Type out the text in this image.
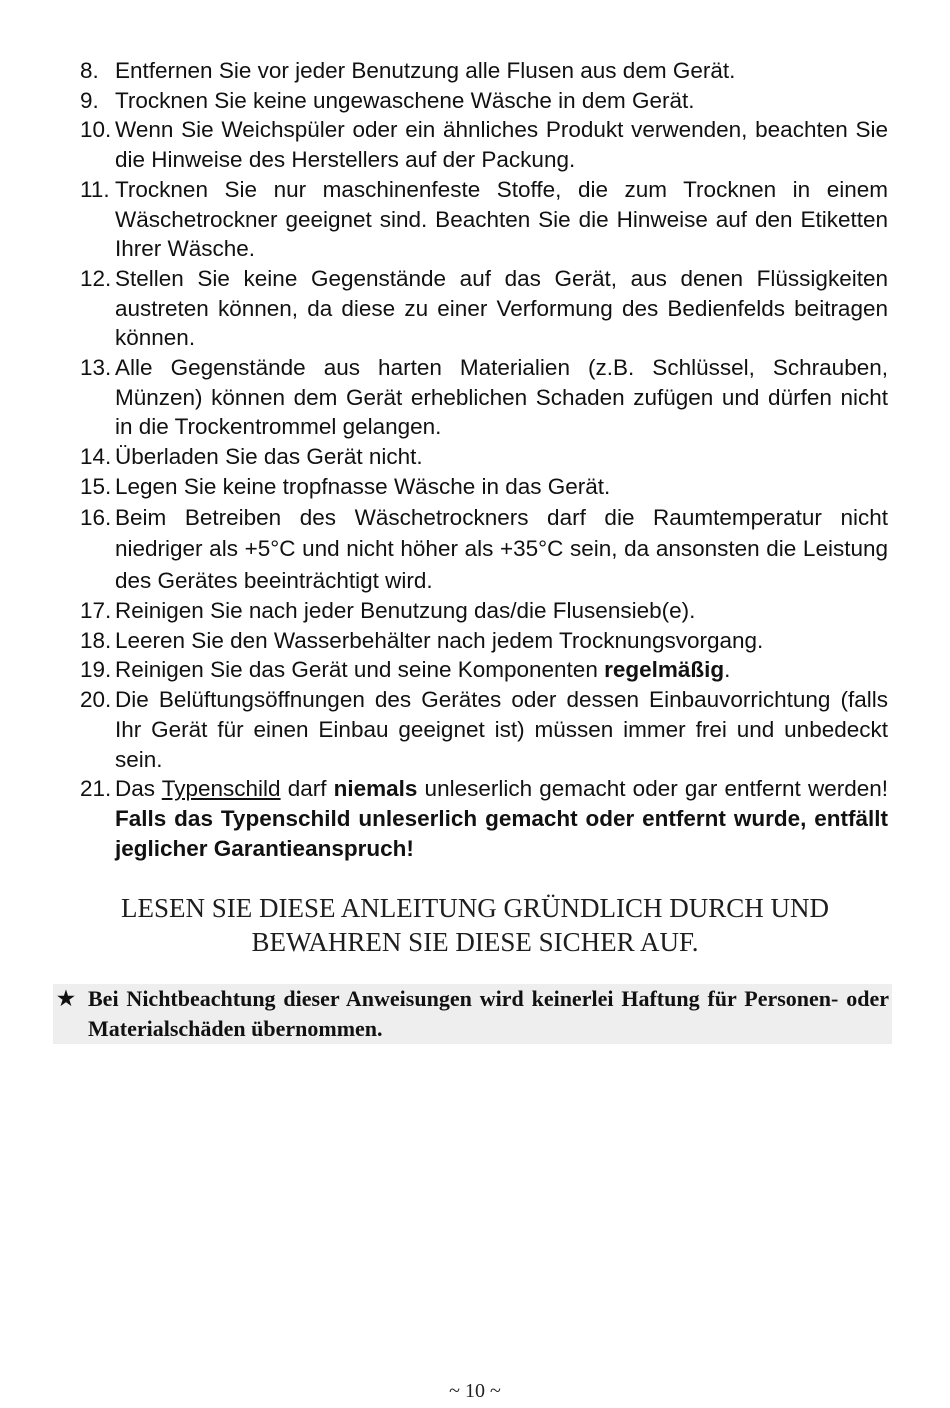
8. Entfernen Sie vor jeder Benutzung alle Flusen aus dem Gerät.
9. Trocknen Sie keine ungewaschene Wäsche in dem Gerät.
10. Wenn Sie Weichspüler oder ein ähnliches Produkt verwenden, beachten Sie die Hinweise des Herstellers auf der Packung.
11. Trocknen Sie nur maschinenfeste Stoffe, die zum Trocknen in einem Wäschetrockner geeignet sind. Beachten Sie die Hinweise auf den Etiketten Ihrer Wäsche.
12. Stellen Sie keine Gegenstände auf das Gerät, aus denen Flüssigkeiten austreten können, da diese zu einer Verformung des Bedienfelds beitragen können.
13. Alle Gegenstände aus harten Materialien (z.B. Schlüssel, Schrauben, Münzen) können dem Gerät erheblichen Schaden zufügen und dürfen nicht in die Trockentrommel gelangen.
14. Überladen Sie das Gerät nicht.
15. Legen Sie keine tropfnasse Wäsche in das Gerät.
16. Beim Betreiben des Wäschetrockners darf die Raumtemperatur nicht niedriger als +5°C und nicht höher als +35°C sein, da ansonsten die Leistung des Gerätes beeinträchtigt wird.
17. Reinigen Sie nach jeder Benutzung das/die Flusensieb(e).
18. Leeren Sie den Wasserbehälter nach jedem Trocknungsvorgang.
19. Reinigen Sie das Gerät und seine Komponenten regelmäßig.
20. Die Belüftungsöffnungen des Gerätes oder dessen Einbauvorrichtung (falls Ihr Gerät für einen Einbau geeignet ist) müssen immer frei und unbedeckt sein.
21. Das Typenschild darf niemals unleserlich gemacht oder gar entfernt werden! Falls das Typenschild unleserlich gemacht oder entfernt wurde, entfällt jeglicher Garantieanspruch!
LESEN SIE DIESE ANLEITUNG GRÜNDLICH DURCH UND
BEWAHREN SIE DIESE SICHER AUF.
★ Bei Nichtbeachtung dieser Anweisungen wird keinerlei Haftung für Personen- oder Materialschäden übernommen.
~ 10 ~
